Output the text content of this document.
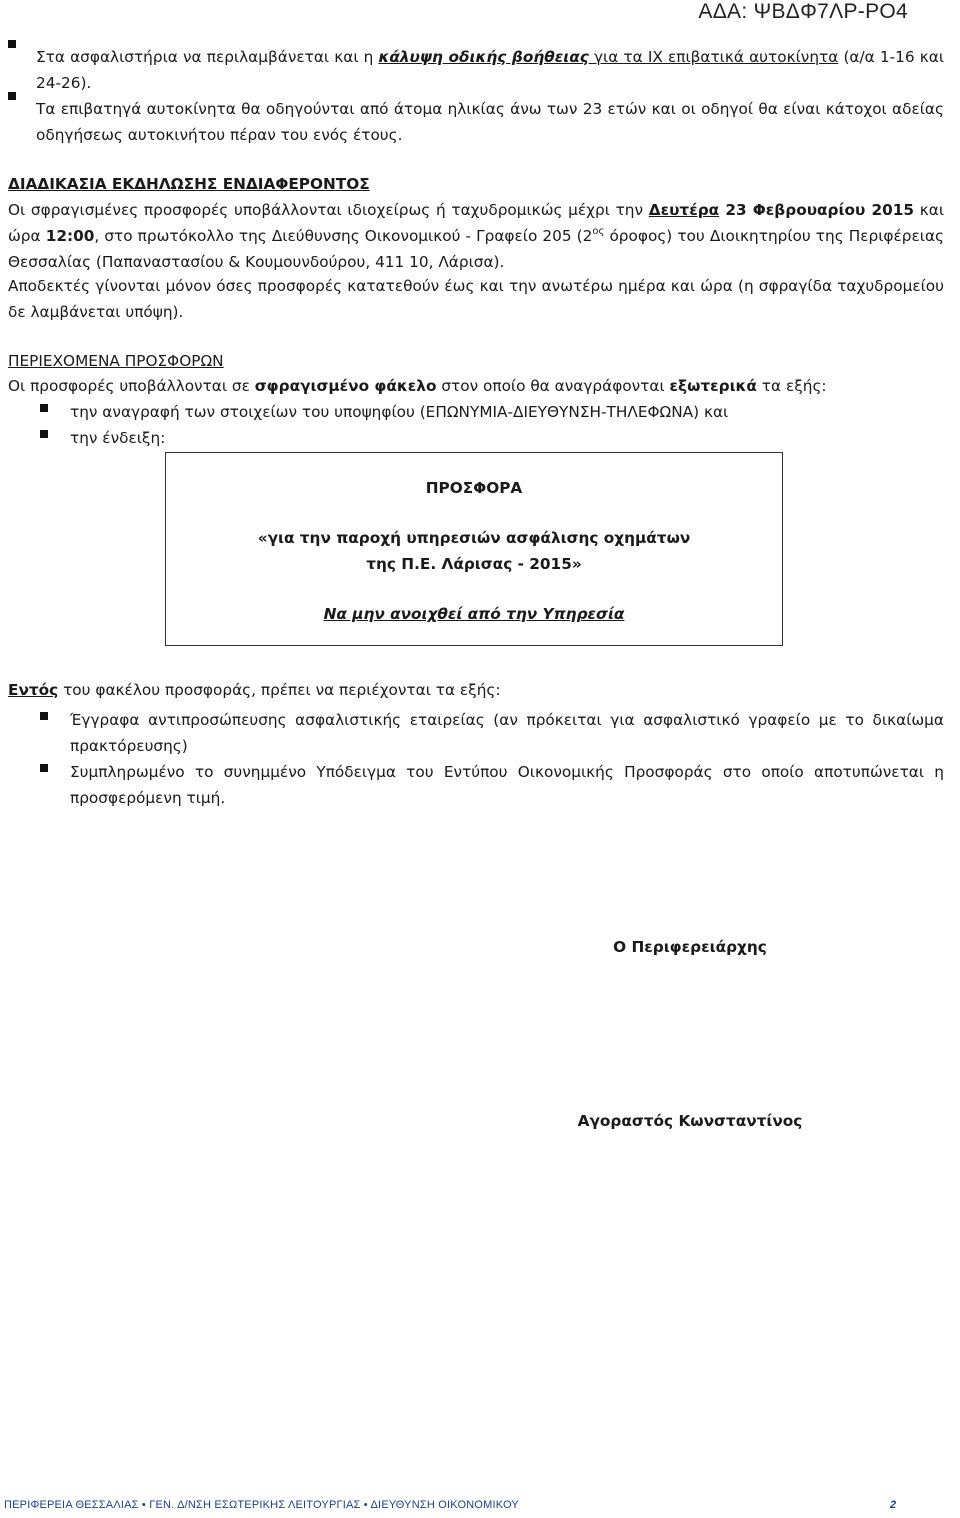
ΑΔΑ: ΨΒΔΦ7ΛΡ-ΡΟ4

Στα ασφαλιστήρια να περιλαμβάνεται και η κάλυψη οδικής βοήθειας για τα ΙΧ επιβατικά αυτοκίνητα (α/α 1-16 και 24-26).

Τα επιβατηγά αυτοκίνητα θα οδηγούνται από άτομα ηλικίας άνω των 23 ετών και οι οδηγοί θα είναι κάτοχοι αδείας οδηγήσεως αυτοκινήτου πέραν του ενός έτους.

ΔΙΑΔΙΚΑΣΙΑ ΕΚΔΗΛΩΣΗΣ ΕΝΔΙΑΦΕΡΟΝΤΟΣ

Οι σφραγισμένες προσφορές υποβάλλονται ιδιοχείρως ή ταχυδρομικώς μέχρι την Δευτέρα 23 Φεβρουαρίου 2015 και ώρα 12:00, στο πρωτόκολλο της Διεύθυνσης Οικονομικού - Γραφείο 205 ($2^{o\varsigma}$ όροφος) του Διοικητηρίου της Περιφέρειας Θεσσαλίας (Παπαναστασίου & Κουμουνδούρου, 411 10, Λάρισα).

Αποδεκτές γίνονται μόνον όσες προσφορές κατατεθούν έως και την ανωτέρω ημέρα και ώρα (η σφραγίδα ταχυδρομείου δε λαμβάνεται υπόψη).

ΠΕΡΙΕΧΟΜΕΝΑ ΠΡΟΣΦΟΡΩΝ

Οι προσφορές υποβάλλονται σε σφραγισμένο φάκελο στον οποίο θα αναγράφονται εξωτερικά τα εξής:

την αναγραφή των στοιχείων του υποψηφίου (ΕΠΩΝΥΜΙΑ-ΔΙΕΥΘΥΝΣΗ-ΤΗΛΕΦΩΝΑ) και

την ένδειξη:

ΠΡΟΣΦΟΡΑ
«για την παροχή υπηρεσιών ασφάλισης οχημάτων
της Π.Ε. Λάρισας - 2015»
Να μην ανοιχθεί από την Υπηρεσία

Εντός του φακέλου προσφοράς, πρέπει να περιέχονται τα εξής:

Έγγραφα αντιπροσώπευσης ασφαλιστικής εταιρείας (αν πρόκειται για ασφαλιστικό γραφείο με το δικαίωμα πρακτόρευσης)

Συμπληρωμένο το συνημμένο Υπόδειγμα του Εντύπου Οικονομικής Προσφοράς στο οποίο αποτυπώνεται η προσφερόμενη τιμή.

Ο Περιφερειάρχης
Αγοραστός Κωνσταντίνος
ΠΕΡΙΦΕΡΕΙΑ ΘΕΣΣΑΛΙΑΣ • ΓΕΝ. Δ/ΝΣΗ ΕΣΩΤΕΡΙΚΗΣ ΛΕΙΤΟΥΡΓΙΑΣ • ΔΙΕΥΘΥΝΣΗ ΟΙΚΟΝΟΜΙΚΟΥ	2
